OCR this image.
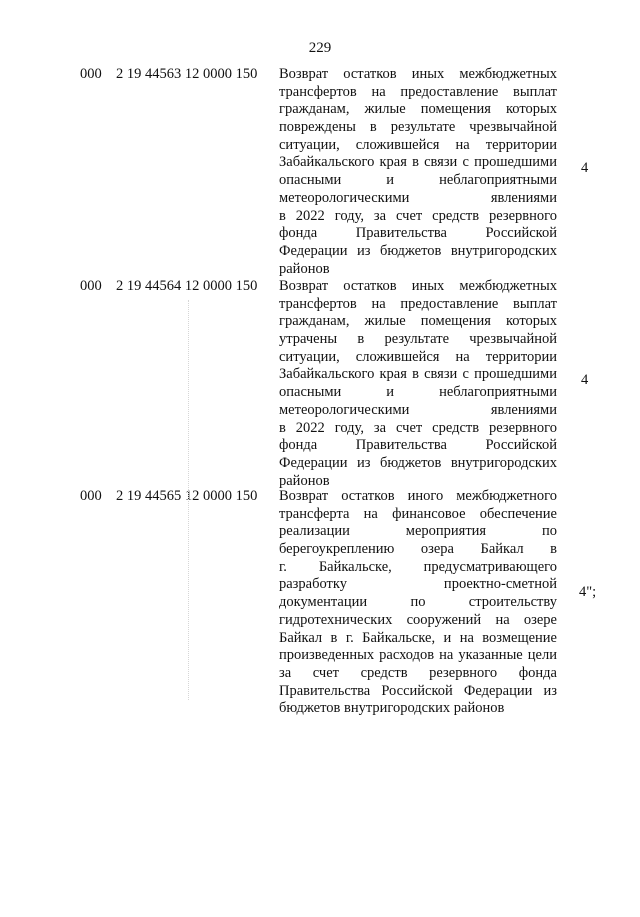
229
000 2 19 44563 12 0000 150	Возврат остатков иных межбюджетных
трансфертов на предоставление выплат
гражданам, жилые помещения которых
повреждены в результате чрезвычайной
ситуации, сложившейся на территории
Забайкальского края в связи с прошедшими
опасными и неблагоприятными
метеорологическими явлениями
в 2022 году, за счет средств резервного
фонда Правительства Российской
Федерации из бюджетов внутригородских
районов
4
000 2 19 44564 12 0000 150	Возврат остатков иных межбюджетных
трансфертов на предоставление выплат
гражданам, жилые помещения которых
утрачены в результате чрезвычайной
ситуации, сложившейся на территории
Забайкальского края в связи с прошедшими
опасными и неблагоприятными
метеорологическими явлениями
в 2022 году, за счет средств резервного
фонда Правительства Российской
Федерации из бюджетов внутригородских
районов
4
000 2 19 44565 12 0000 150	Возврат остатков иного межбюджетного
трансферта на финансовое обеспечение
реализации мероприятия по
берегоукреплению озера Байкал в
г. Байкальске, предусматривающего
разработку проектно-сметной
документации по строительству
гидротехнических сооружений на озере
Байкал в г. Байкальске, и на возмещение
произведенных расходов на указанные цели
за счет средств резервного фонда
Правительства Российской Федерации из
бюджетов внутригородских районов
4";
